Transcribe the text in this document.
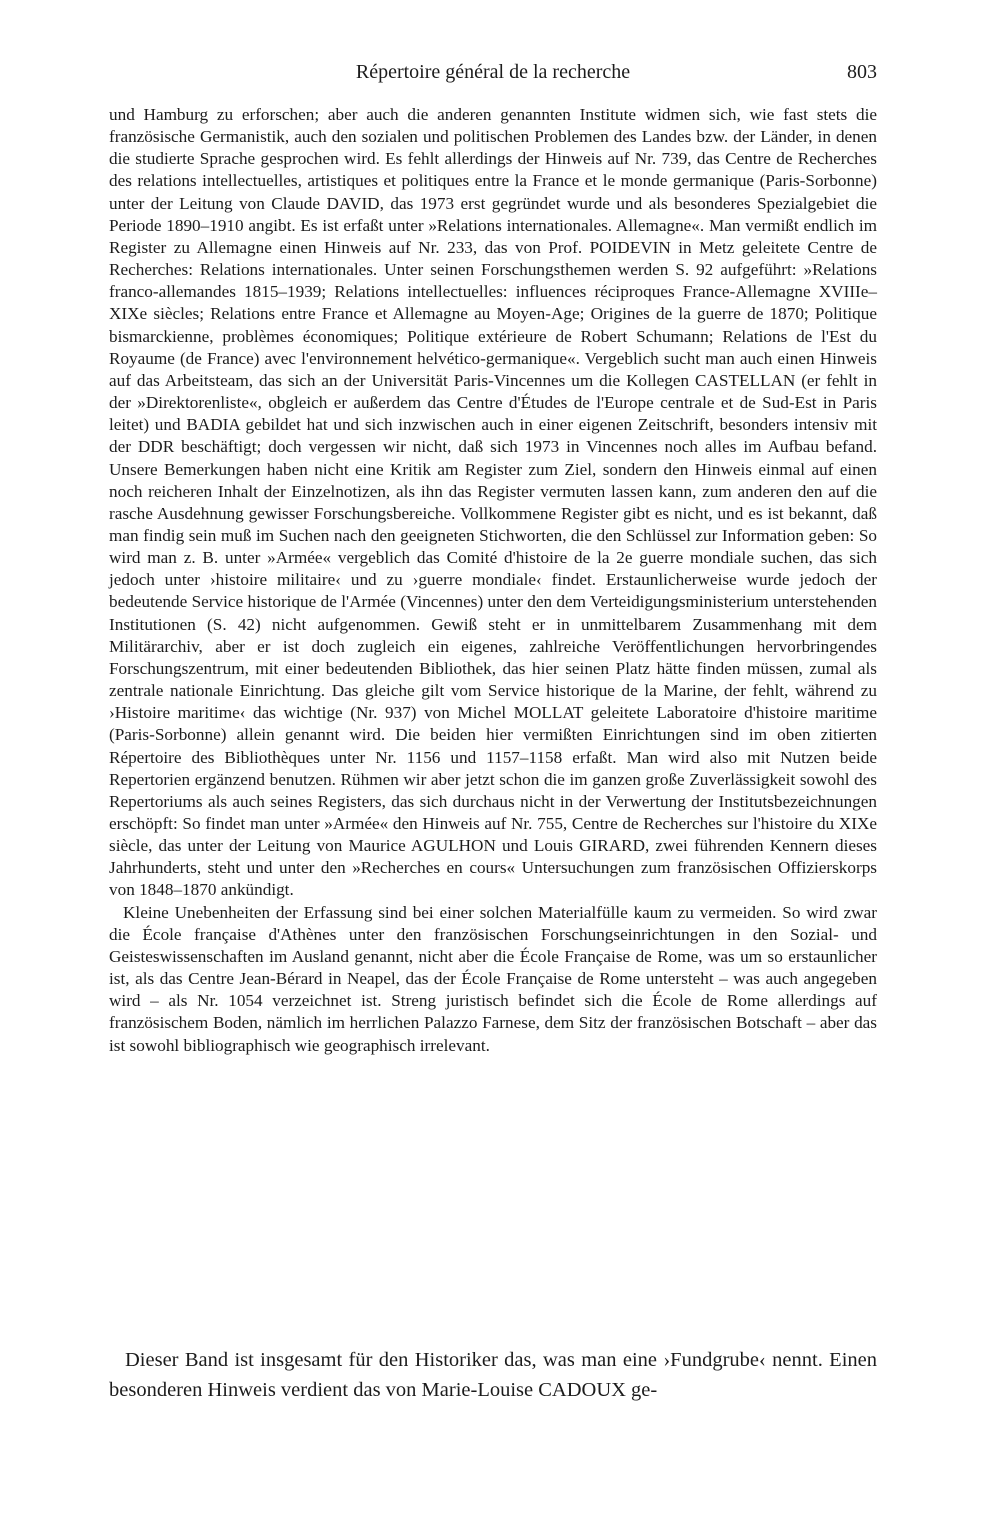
Répertoire général de la recherche	803

und Hamburg zu erforschen; aber auch die anderen genannten Institute widmen sich, wie fast stets die französische Germanistik, auch den sozialen und politischen Problemen des Landes bzw. der Länder, in denen die studierte Sprache gesprochen wird. Es fehlt allerdings der Hinweis auf Nr. 739, das Centre de Recherches des relations intellectuelles, artistiques et politiques entre la France et le monde germanique (Paris-Sorbonne) unter der Leitung von Claude DAVID, das 1973 erst gegründet wurde und als besonderes Spezialgebiet die Periode 1890–1910 angibt. Es ist erfaßt unter »Relations internationales. Allemagne«. Man vermißt endlich im Register zu Allemagne einen Hinweis auf Nr. 233, das von Prof. POIDEVIN in Metz geleitete Centre de Recherches: Relations internationales. Unter seinen Forschungsthemen werden S. 92 aufgeführt: »Relations franco-allemandes 1815–1939; Relations intellectuelles: influences réciproques France-Allemagne XVIIIe–XIXe siècles; Relations entre France et Allemagne au Moyen-Age; Origines de la guerre de 1870; Politique bismarckienne, problèmes économiques; Politique extérieure de Robert Schumann; Relations de l'Est du Royaume (de France) avec l'environnement helvético-germanique«. Vergeblich sucht man auch einen Hinweis auf das Arbeitsteam, das sich an der Universität Paris-Vincennes um die Kollegen CASTELLAN (er fehlt in der »Direktorenliste«, obgleich er außerdem das Centre d'Études de l'Europe centrale et de Sud-Est in Paris leitet) und BADIA gebildet hat und sich inzwischen auch in einer eigenen Zeitschrift, besonders intensiv mit der DDR beschäftigt; doch vergessen wir nicht, daß sich 1973 in Vincennes noch alles im Aufbau befand. Unsere Bemerkungen haben nicht eine Kritik am Register zum Ziel, sondern den Hinweis einmal auf einen noch reicheren Inhalt der Einzelnotizen, als ihn das Register vermuten lassen kann, zum anderen den auf die rasche Ausdehnung gewisser Forschungsbereiche. Vollkommene Register gibt es nicht, und es ist bekannt, daß man findig sein muß im Suchen nach den geeigneten Stichworten, die den Schlüssel zur Information geben: So wird man z. B. unter »Armée« vergeblich das Comité d'histoire de la 2e guerre mondiale suchen, das sich jedoch unter ›histoire militaire‹ und zu ›guerre mondiale‹ findet. Erstaunlicherweise wurde jedoch der bedeutende Service historique de l'Armée (Vincennes) unter den dem Verteidigungsministerium unterstehenden Institutionen (S. 42) nicht aufgenommen. Gewiß steht er in unmittelbarem Zusammenhang mit dem Militärarchiv, aber er ist doch zugleich ein eigenes, zahlreiche Veröffentlichungen hervorbringendes Forschungszentrum, mit einer bedeutenden Bibliothek, das hier seinen Platz hätte finden müssen, zumal als zentrale nationale Einrichtung. Das gleiche gilt vom Service historique de la Marine, der fehlt, während zu ›Histoire maritime‹ das wichtige (Nr. 937) von Michel MOLLAT geleitete Laboratoire d'histoire maritime (Paris-Sorbonne) allein genannt wird. Die beiden hier vermißten Einrichtungen sind im oben zitierten Répertoire des Bibliothèques unter Nr. 1156 und 1157–1158 erfaßt. Man wird also mit Nutzen beide Repertorien ergänzend benutzen. Rühmen wir aber jetzt schon die im ganzen große Zuverlässigkeit sowohl des Repertoriums als auch seines Registers, das sich durchaus nicht in der Verwertung der Institutsbezeichnungen erschöpft: So findet man unter »Armée« den Hinweis auf Nr. 755, Centre de Recherches sur l'histoire du XIXe siècle, das unter der Leitung von Maurice AGULHON und Louis GIRARD, zwei führenden Kennern dieses Jahrhunderts, steht und unter den »Recherches en cours« Untersuchungen zum französischen Offizierskorps von 1848–1870 ankündigt.

Kleine Unebenheiten der Erfassung sind bei einer solchen Materialfülle kaum zu vermeiden. So wird zwar die École française d'Athènes unter den französischen Forschungseinrichtungen in den Sozial- und Geisteswissenschaften im Ausland genannt, nicht aber die École Française de Rome, was um so erstaunlicher ist, als das Centre Jean-Bérard in Neapel, das der École Française de Rome untersteht – was auch angegeben wird – als Nr. 1054 verzeichnet ist. Streng juristisch befindet sich die École de Rome allerdings auf französischem Boden, nämlich im herrlichen Palazzo Farnese, dem Sitz der französischen Botschaft – aber das ist sowohl bibliographisch wie geographisch irrelevant.

Dieser Band ist insgesamt für den Historiker das, was man eine ›Fundgrube‹ nennt. Einen besonderen Hinweis verdient das von Marie-Louise CADOUX ge-
